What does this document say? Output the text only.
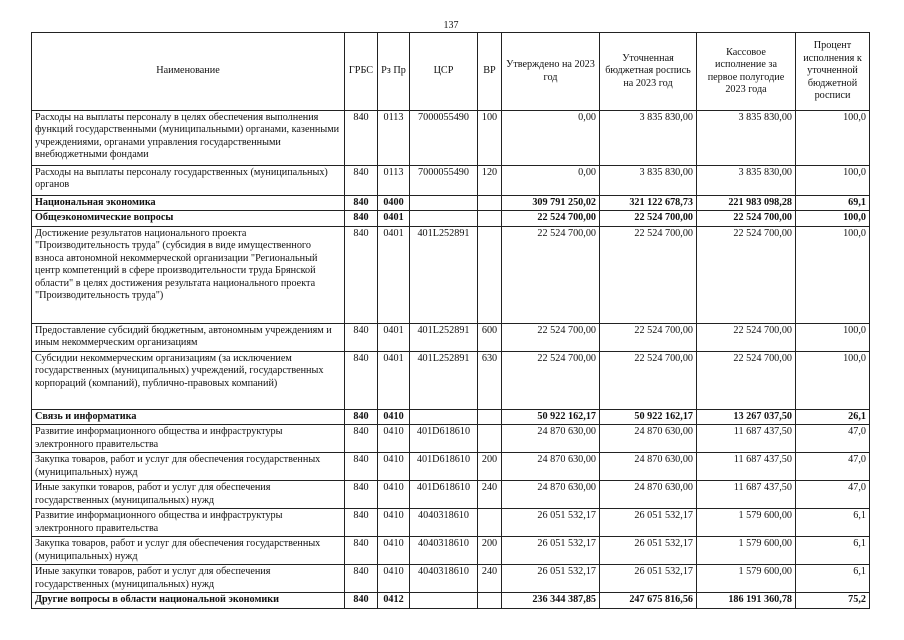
137
Наименование	ГРБС	Рз Пр	ЦСР	ВР	Утверждено на 2023 год	Уточненная бюджетная роспись на 2023 год	Кассовое исполнение за первое полугодие 2023 года	Процент исполнения к уточненной бюджетной росписи
Расходы на выплаты персоналу в целях обеспечения выполнения функций государственными (муниципальными) органами, казенными учреждениями, органами управления государственными внебюджетными фондами	840	0113	7000055490	100	0,00	3 835 830,00	3 835 830,00	100,0
Расходы на выплаты персоналу государственных (муниципальных) органов	840	0113	7000055490	120	0,00	3 835 830,00	3 835 830,00	100,0
Национальная экономика	840	0400			309 791 250,02	321 122 678,73	221 983 098,28	69,1
Общеэкономические вопросы	840	0401			22 524 700,00	22 524 700,00	22 524 700,00	100,0
Достижение результатов национального проекта "Производительность труда" (субсидия в виде имущественного взноса автономной некоммерческой организации "Региональный центр компетенций в сфере производительности труда Брянской области" в целях достижения результата национального проекта "Производительность труда")	840	0401	401L252891		22 524 700,00	22 524 700,00	22 524 700,00	100,0
Предоставление субсидий бюджетным, автономным учреждениям и иным некоммерческим организациям	840	0401	401L252891	600	22 524 700,00	22 524 700,00	22 524 700,00	100,0
Субсидии некоммерческим организациям (за исключением государственных (муниципальных) учреждений, государственных корпораций (компаний), публично-правовых компаний)	840	0401	401L252891	630	22 524 700,00	22 524 700,00	22 524 700,00	100,0
Связь и информатика	840	0410			50 922 162,17	50 922 162,17	13 267 037,50	26,1
Развитие информационного общества и инфраструктуры электронного правительства	840	0410	401D618610		24 870 630,00	24 870 630,00	11 687 437,50	47,0
Закупка товаров, работ и услуг для обеспечения государственных (муниципальных) нужд	840	0410	401D618610	200	24 870 630,00	24 870 630,00	11 687 437,50	47,0
Иные закупки товаров, работ и услуг для обеспечения государственных (муниципальных) нужд	840	0410	401D618610	240	24 870 630,00	24 870 630,00	11 687 437,50	47,0
Развитие информационного общества и инфраструктуры электронного правительства	840	0410	4040318610		26 051 532,17	26 051 532,17	1 579 600,00	6,1
Закупка товаров, работ и услуг для обеспечения государственных (муниципальных) нужд	840	0410	4040318610	200	26 051 532,17	26 051 532,17	1 579 600,00	6,1
Иные закупки товаров, работ и услуг для обеспечения государственных (муниципальных) нужд	840	0410	4040318610	240	26 051 532,17	26 051 532,17	1 579 600,00	6,1
Другие вопросы в области национальной экономики	840	0412			236 344 387,85	247 675 816,56	186 191 360,78	75,2
